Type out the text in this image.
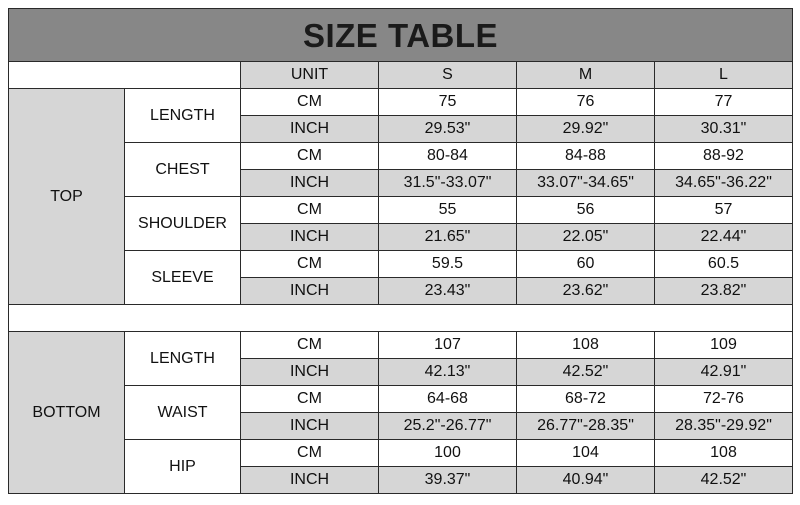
SIZE TABLE					
		UNIT	S	M	L
TOP	LENGTH	CM	75	76	77
		INCH	29.53"	29.92"	30.31"
	CHEST	CM	80-84	84-88	88-92
		INCH	31.5"-33.07"	33.07"-34.65"	34.65"-36.22"
	SHOULDER	CM	55	56	57
		INCH	21.65"	22.05"	22.44"
	SLEEVE	CM	59.5	60	60.5
		INCH	23.43"	23.62"	23.82"

BOTTOM	LENGTH	CM	107	108	109
		INCH	42.13"	42.52"	42.91"
	WAIST	CM	64-68	68-72	72-76
		INCH	25.2"-26.77"	26.77"-28.35"	28.35"-29.92"
	HIP	CM	100	104	108
		INCH	39.37"	40.94"	42.52"
